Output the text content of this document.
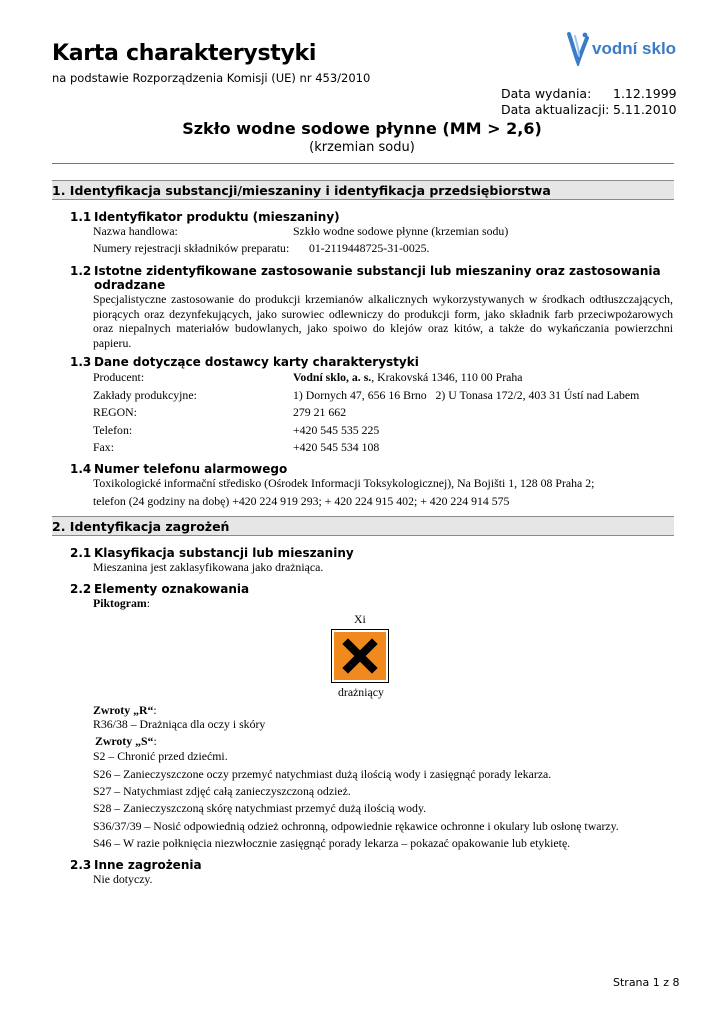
Karta charakterystyki
na podstawie Rozporządzenia Komisji (UE) nr 453/2010
vodní sklo
Data wydania:	1.12.1999
Data aktualizacji: 5.11.2010
Szkło wodne sodowe płynne (MM > 2,6)
(krzemian sodu)
1. Identyfikacja substancji/mieszaniny i identyfikacja przedsiębiorstwa
1.1 Identyfikator produktu (mieszaniny)
Nazwa handlowa:	Szkło wodne sodowe płynne (krzemian sodu)
Numery rejestracji składników preparatu: 01-2119448725-31-0025.
1.2 Istotne zidentyfikowane zastosowanie substancji lub mieszaniny oraz zastosowania
odradzane
Specjalistyczne zastosowanie do produkcji krzemianów alkalicznych wykorzystywanych w środkach odtłuszczających, piorących oraz dezynfekujących, jako surowiec odlewniczy do produkcji form, jako składnik farb przeciwpożarowych oraz niepalnych materiałów budowlanych, jako spoiwo do klejów oraz kitów, a także do wykańczania powierzchni papieru.
1.3 Dane dotyczące dostawcy karty charakterystyki
Producent:	Vodní sklo, a. s., Krakovská 1346, 110 00 Praha
Zakłady produkcyjne:	1) Dornych 47, 656 16 Brno   2) U Tonasa 172/2, 403 31 Ústí nad Labem
REGON:	279 21 662
Telefon:	+420 545 535 225
Fax:	+420 545 534 108
1.4 Numer telefonu alarmowego
Toxikologické informační středisko (Ośrodek Informacji Toksykologicznej), Na Bojišti 1, 128 08 Praha 2;
telefon (24 godziny na dobę) +420 224 919 293; + 420 224 915 402; + 420 224 914 575
2. Identyfikacja zagrożeń
2.1 Klasyfikacja substancji lub mieszaniny
Mieszanina jest zaklasyfikowana jako drażniąca.
2.2 Elementy oznakowania
Piktogram:
Xi
drażniący
Zwroty „R“:
R36/38 – Drażniąca dla oczy i skóry
Zwroty „S“:
S2 – Chronić przed dziećmi.
S26 – Zanieczyszczone oczy przemyć natychmiast dużą ilością wody i zasięgnąć porady lekarza.
S27 – Natychmiast zdjęć całą zanieczyszczoną odzież.
S28 – Zanieczyszczoną skórę natychmiast przemyć dużą ilością wody.
S36/37/39 – Nosić odpowiednią odzież ochronną, odpowiednie rękawice ochronne i okulary lub osłonę twarzy.
S46 – W razie połknięcia niezwłocznie zasięgnąć porady lekarza – pokazać opakowanie lub etykietę.
2.3 Inne zagrożenia
Nie dotyczy.
Strana 1 z 8
